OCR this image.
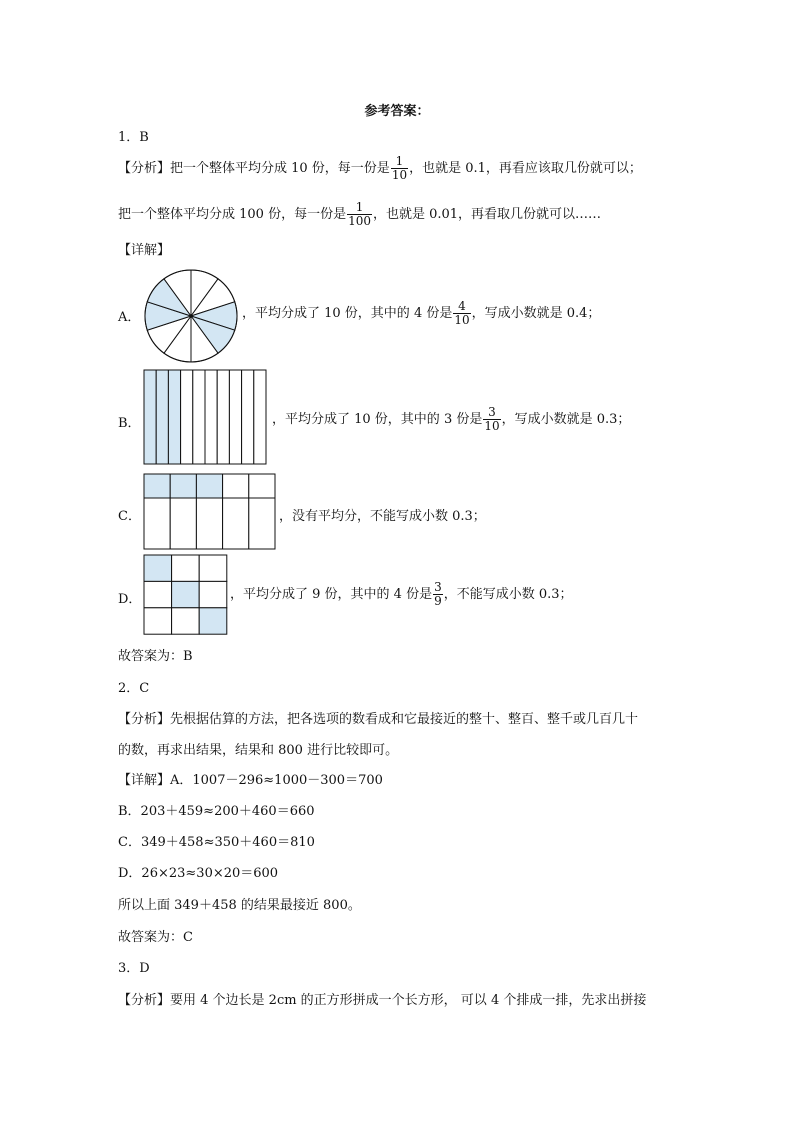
参考答案：
1．B
【分析】把一个整体平均分成 10 份，每一份是 $\frac{1}{10}$ ，也就是 0.1，再看应该取几份就可以；
把一个整体平均分成 100 份，每一份是 $\frac{1}{100}$ ，也就是 0.01，再看取几份就可以……
【详解】
A．	，平均分成了 10 份，其中的 4 份是 $\frac{4}{10}$ ，写成小数就是 0.4；
B．	，平均分成了 10 份，其中的 3 份是 $\frac{3}{10}$ ，写成小数就是 0.3；
C．	，没有平均分，不能写成小数 0.3；
D．	，平均分成了 9 份，其中的 4 份是 $\frac{3}{9}$ ，不能写成小数 0.3；
故答案为：B
2．C
【分析】先根据估算的方法，把各选项的数看成和它最接近的整十、整百、整千或几百几十
的数，再求出结果，结果和 800 进行比较即可。
【详解】A．1007－296≈1000－300＝700
B．203＋459≈200＋460＝660
C．349＋458≈350＋460＝810
D．26×23≈30×20＝600
所以上面 349＋458 的结果最接近 800。
故答案为：C
3．D
【分析】要用 4 个边长是 2cm 的正方形拼成一个长方形， 可以 4 个排成一排，先求出拼接
